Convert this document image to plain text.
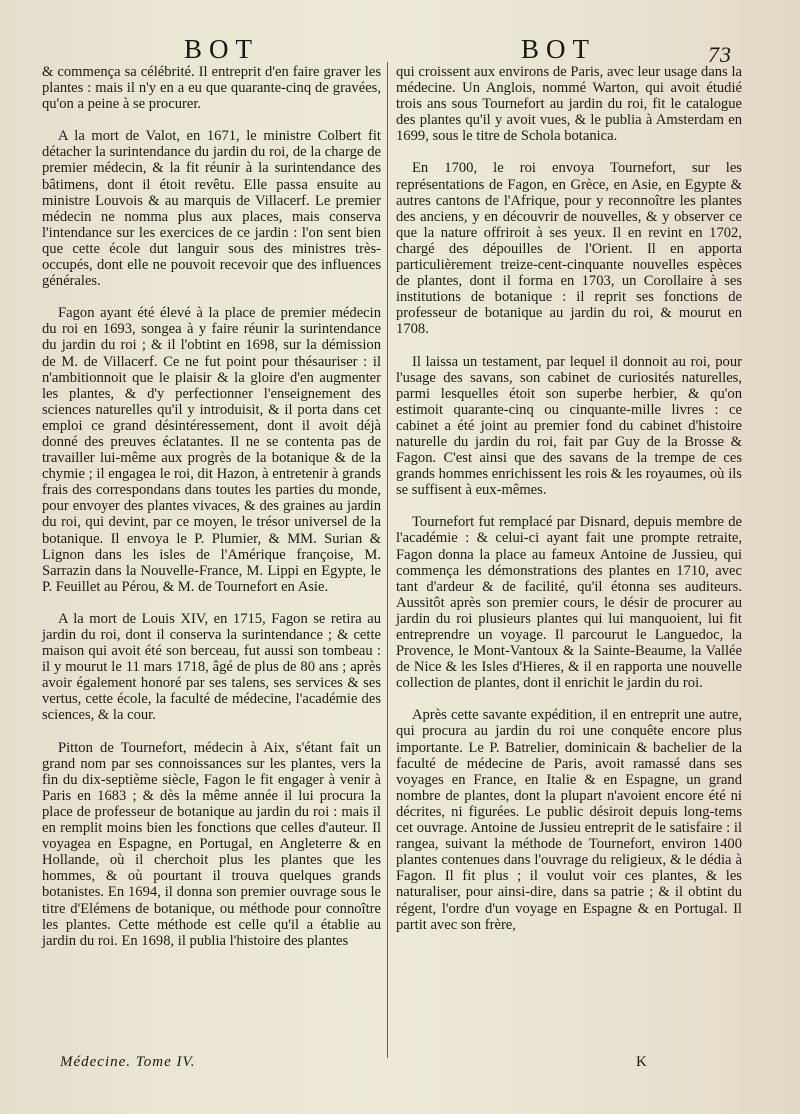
BOT	BOT	73

& commença sa célébrité. Il entreprit d'en faire graver les plantes : mais il n'y en a eu que quarante-cinq de gravées, qu'on a peine à se procurer.

A la mort de Valot, en 1671, le ministre Colbert fit détacher la surintendance du jardin du roi, de la charge de premier médecin, & la fit réunir à la surintendance des bâtimens, dont il étoit revêtu. Elle passa ensuite au ministre Louvois & au marquis de Villacerf. Le premier médecin ne nomma plus aux places, mais conserva l'intendance sur les exercices de ce jardin : l'on sent bien que cette école dut languir sous des ministres très-occupés, dont elle ne pouvoit recevoir que des influences générales.

Fagon ayant été élevé à la place de premier médecin du roi en 1693, songea à y faire réunir la surintendance du jardin du roi ; & il l'obtint en 1698, sur la démission de M. de Villacerf. Ce ne fut point pour thésauriser : il n'ambitionnoit que le plaisir & la gloire d'en augmenter les plantes, & d'y perfectionner l'enseignement des sciences naturelles qu'il y introduisit, & il porta dans cet emploi ce grand désintéressement, dont il avoit déjà donné des preuves éclatantes. Il ne se contenta pas de travailler lui-même aux progrès de la botanique & de la chymie ; il engagea le roi, dit Hazon, à entretenir à grands frais des correspondans dans toutes les parties du monde, pour envoyer des plantes vivaces, & des graines au jardin du roi, qui devint, par ce moyen, le trésor universel de la botanique. Il envoya le P. Plumier, & MM. Surian & Lignon dans les isles de l'Amérique françoise, M. Sarrazin dans la Nouvelle-France, M. Lippi en Egypte, le P. Feuillet au Pérou, & M. de Tournefort en Asie.

A la mort de Louis XIV, en 1715, Fagon se retira au jardin du roi, dont il conserva la surintendance ; & cette maison qui avoit été son berceau, fut aussi son tombeau : il y mourut le 11 mars 1718, âgé de plus de 80 ans ; après avoir également honoré par ses talens, ses services & ses vertus, cette école, la faculté de médecine, l'académie des sciences, & la cour.

Pitton de Tournefort, médecin à Aix, s'étant fait un grand nom par ses connoissances sur les plantes, vers la fin du dix-septième siècle, Fagon le fit engager à venir à Paris en 1683 ; & dès la même année il lui procura la place de professeur de botanique au jardin du roi : mais il en remplit moins bien les fonctions que celles d'auteur. Il voyagea en Espagne, en Portugal, en Angleterre & en Hollande, où il cherchoit plus les plantes que les hommes, & où pourtant il trouva quelques grands botanistes. En 1694, il donna son premier ouvrage sous le titre d'Elémens de botanique, ou méthode pour connoître les plantes. Cette méthode est celle qu'il a établie au jardin du roi. En 1698, il publia l'histoire des plantes

qui croissent aux environs de Paris, avec leur usage dans la médecine. Un Anglois, nommé Warton, qui avoit étudié trois ans sous Tournefort au jardin du roi, fit le catalogue des plantes qu'il y avoit vues, & le publia à Amsterdam en 1699, sous le titre de Schola botanica.

En 1700, le roi envoya Tournefort, sur les représentations de Fagon, en Grèce, en Asie, en Egypte & autres cantons de l'Afrique, pour y reconnoître les plantes des anciens, y en découvrir de nouvelles, & y observer ce que la nature offriroit à ses yeux. Il en revint en 1702, chargé des dépouilles de l'Orient. Il en apporta particulièrement treize-cent-cinquante nouvelles espèces de plantes, dont il forma en 1703, un Corollaire à ses institutions de botanique : il reprit ses fonctions de professeur de botanique au jardin du roi, & mourut en 1708.

Il laissa un testament, par lequel il donnoit au roi, pour l'usage des savans, son cabinet de curiosités naturelles, parmi lesquelles étoit son superbe herbier, & qu'on estimoit quarante-cinq ou cinquante-mille livres : ce cabinet a été joint au premier fond du cabinet d'histoire naturelle du jardin du roi, fait par Guy de la Brosse & Fagon. C'est ainsi que des savans de la trempe de ces grands hommes enrichissent les rois & les royaumes, où ils se suffisent à eux-mêmes.

Tournefort fut remplacé par Disnard, depuis membre de l'académie : & celui-ci ayant fait une prompte retraite, Fagon donna la place au fameux Antoine de Jussieu, qui commença les démonstrations des plantes en 1710, avec tant d'ardeur & de facilité, qu'il étonna ses auditeurs. Aussitôt après son premier cours, le désir de procurer au jardin du roi plusieurs plantes qui lui manquoient, lui fit entreprendre un voyage. Il parcourut le Languedoc, la Provence, le Mont-Vantoux & la Sainte-Beaume, la Vallée de Nice & les Isles d'Hieres, & il en rapporta une nouvelle collection de plantes, dont il enrichit le jardin du roi.

Après cette savante expédition, il en entreprit une autre, qui procura au jardin du roi une conquête encore plus importante. Le P. Batrelier, dominicain & bachelier de la faculté de médecine de Paris, avoit ramassé dans ses voyages en France, en Italie & en Espagne, un grand nombre de plantes, dont la plupart n'avoient encore été ni décrites, ni figurées. Le public désiroit depuis long-tems cet ouvrage. Antoine de Jussieu entreprit de le satisfaire : il rangea, suivant la méthode de Tournefort, environ 1400 plantes contenues dans l'ouvrage du religieux, & le dédia à Fagon. Il fit plus ; il voulut voir ces plantes, & les naturaliser, pour ainsi-dire, dans sa patrie ; & il obtint du régent, l'ordre d'un voyage en Espagne & en Portugal. Il partit avec son frère,

Médecine. Tome IV.	K
